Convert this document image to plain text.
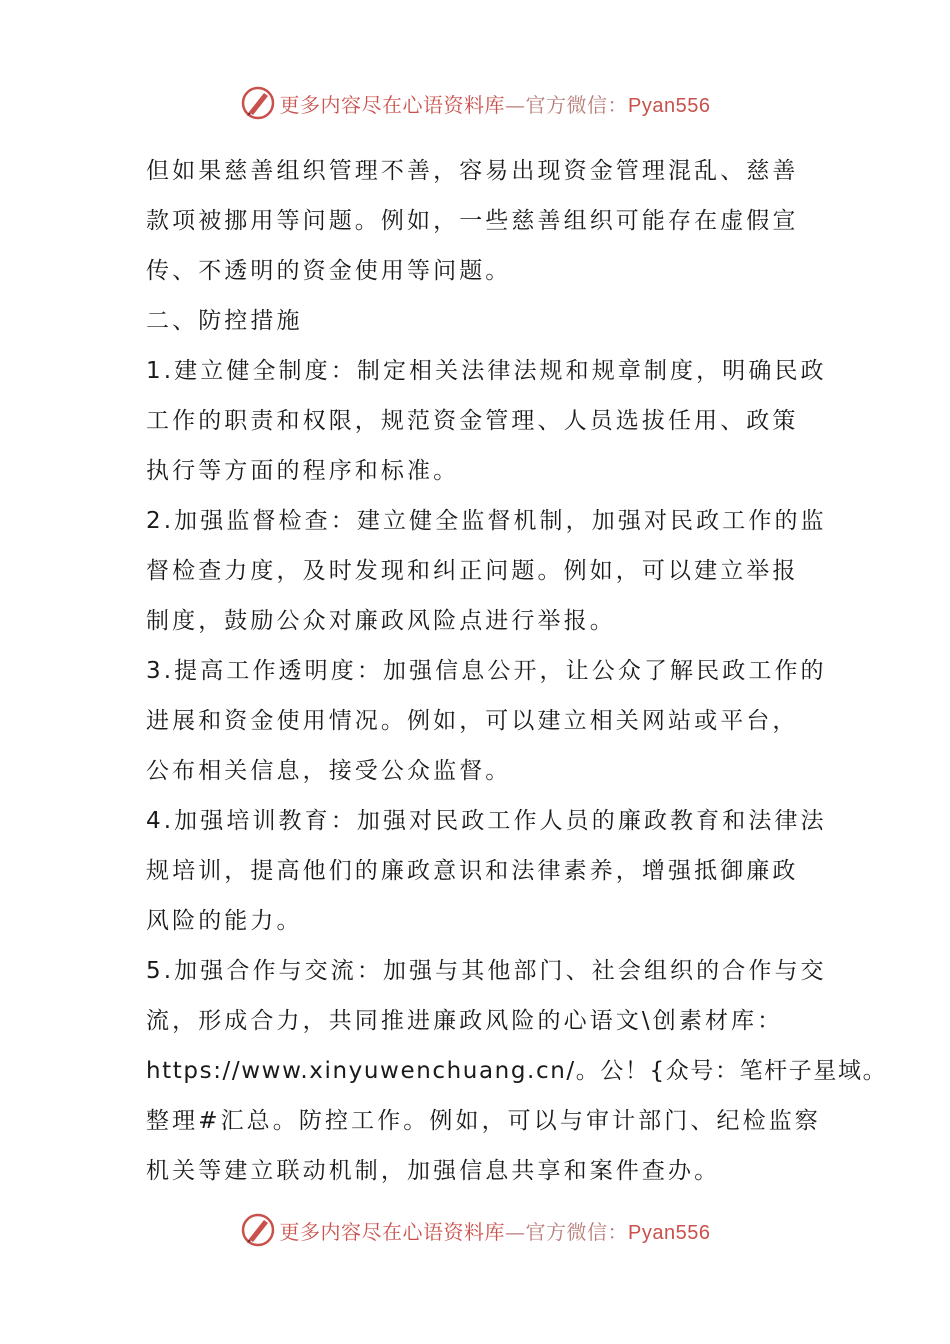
更多内容尽在心语资料库—官方微信：Pyan556
但如果慈善组织管理不善，容易出现资金管理混乱、慈善
款项被挪用等问题。例如，一些慈善组织可能存在虚假宣
传、不透明的资金使用等问题。
二、防控措施
1.建立健全制度：制定相关法律法规和规章制度，明确民政
工作的职责和权限，规范资金管理、人员选拔任用、政策
执行等方面的程序和标准。
2.加强监督检查：建立健全监督机制，加强对民政工作的监
督检查力度，及时发现和纠正问题。例如，可以建立举报
制度，鼓励公众对廉政风险点进行举报。
3.提高工作透明度：加强信息公开，让公众了解民政工作的
进展和资金使用情况。例如，可以建立相关网站或平台，
公布相关信息，接受公众监督。
4.加强培训教育：加强对民政工作人员的廉政教育和法律法
规培训，提高他们的廉政意识和法律素养，增强抵御廉政
风险的能力。
5.加强合作与交流：加强与其他部门、社会组织的合作与交
流，形成合力，共同推进廉政风险的心语文\创素材库：
https://www.xinyuwenchuang.cn/。公！{众号：笔杆子星域。
整理#汇总。防控工作。例如，可以与审计部门、纪检监察
机关等建立联动机制，加强信息共享和案件查办。
更多内容尽在心语资料库—官方微信：Pyan556
